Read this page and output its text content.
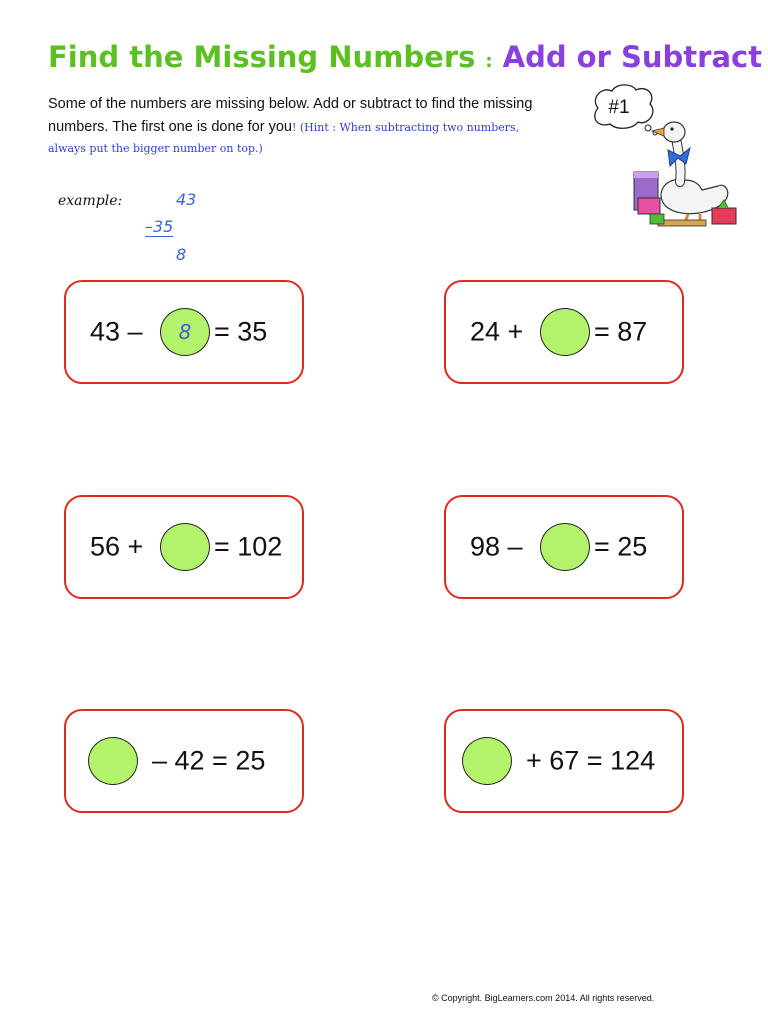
Find the Missing Numbers : Add or Subtract
Some of the numbers are missing below. Add or subtract to find the missing
numbers. The first one is done for you! (Hint : When subtracting two numbers,
always put the bigger number on top.)
#1
example:	43
–35
8
43 –	8 = 35	24 +	= 87
56 +	= 102	98 –	= 25
– 42 = 25	+ 67 = 124
© Copyright. BigLearners.com 2014. All rights reserved.
